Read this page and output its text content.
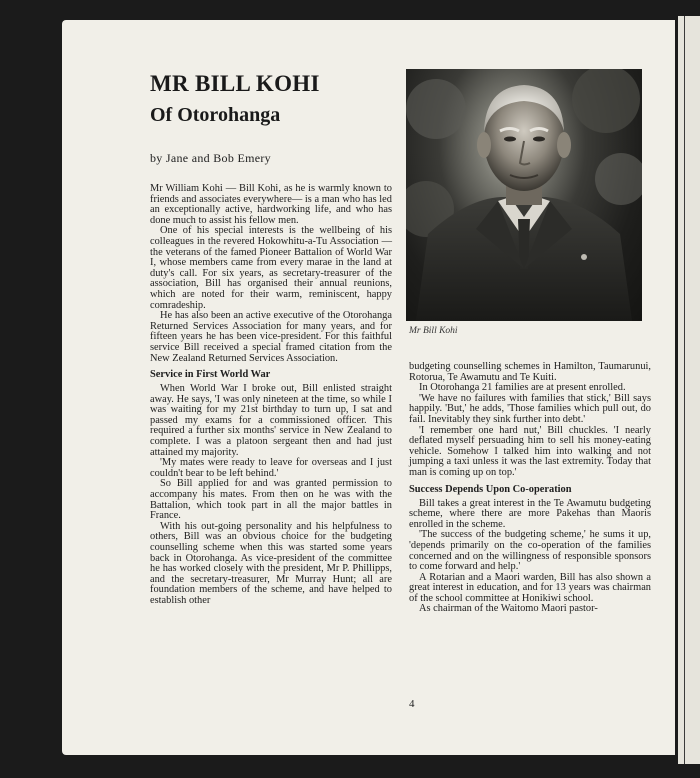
MR BILL KOHI
Of Otorohanga

by Jane and Bob Emery

Mr Bill Kohi

Mr William Kohi — Bill Kohi, as he is warmly known to friends and associates everywhere— is a man who has led an exceptionally active, hardworking life, and who has done much to assist his fellow men.

One of his special interests is the wellbeing of his colleagues in the revered Hokowhitu-a-Tu Association — the veterans of the famed Pioneer Battalion of World War I, whose members came from every marae in the land at duty's call. For six years, as secretary-treasurer of the association, Bill has organised their annual reunions, which are noted for their warm, reminiscent, happy comradeship.

He has also been an active executive of the Otorohanga Returned Services Association for many years, and for fifteen years he has been vice-president. For this faithful service Bill received a special framed citation from the New Zealand Returned Services Association.

Service in First World War

When World War I broke out, Bill enlisted straight away. He says, 'I was only nineteen at the time, so while I was waiting for my 21st birthday to turn up, I sat and passed my exams for a commissioned officer. This required a further six months' service in New Zealand to complete. I was a platoon sergeant then and had just attained my majority.

'My mates were ready to leave for overseas and I just couldn't bear to be left behind.'

So Bill applied for and was granted permission to accompany his mates. From then on he was with the Battalion, which took part in all the major battles in France.

With his out-going personality and his helpfulness to others, Bill was an obvious choice for the budgeting counselling scheme when this was started some years back in Otorohanga. As vice-president of the committee he has worked closely with the president, Mr P. Phillipps, and the secretary-treasurer, Mr Murray Hunt; all are foundation members of the scheme, and have helped to establish other

budgeting counselling schemes in Hamilton, Taumarunui, Rotorua, Te Awamutu and Te Kuiti.

In Otorohanga 21 families are at present enrolled.

'We have no failures with families that stick,' Bill says happily. 'But,' he adds, 'Those families which pull out, do fail. Inevitably they sink further into debt.'

'I remember one hard nut,' Bill chuckles. 'I nearly deflated myself persuading him to sell his money-eating vehicle. Somehow I talked him into walking and not jumping a taxi unless it was the last extremity. Today that man is coming up on top.'

Success Depends Upon Co-operation

Bill takes a great interest in the Te Awamutu budgeting scheme, where there are more Pakehas than Maoris enrolled in the scheme.

'The success of the budgeting scheme,' he sums it up, 'depends primarily on the co-operation of the families concerned and on the willingness of responsible sponsors to come forward and help.'

A Rotarian and a Maori warden, Bill has also shown a great interest in education, and for 13 years was chairman of the school committee at Honikiwi school.

As chairman of the Waitomo Maori pastor-

4
